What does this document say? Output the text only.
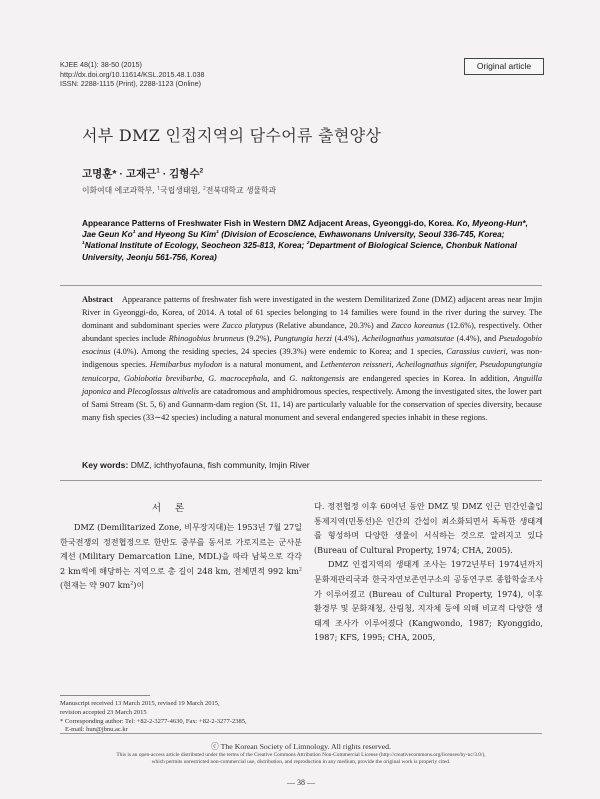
KJEE 48(1): 38-50 (2015)
http://dx.doi.org/10.11614/KSL.2015.48.1.038
ISSN: 2288-1115 (Print), 2288-1123 (Online)
Original article
서부 DMZ 인접지역의 담수어류 출현양상
고명훈* · 고재근$^1$ · 김형수$^2$
이화여대 에코과학부, $^1$국립생태원, $^2$전북대학교 생물학과
Appearance Patterns of Freshwater Fish in Western DMZ Adjacent Areas, Gyeonggi-do, Korea. Ko, Myeong-Hun*, Jae Geun Ko$^1$ and Hyeong Su Kim$^1$ (Division of Ecoscience, Ewhawonans University, Seoul 336-745, Korea; $^1$National Institute of Ecology, Seocheon 325-813, Korea; $^2$Department of Biological Science, Chonbuk National University, Jeonju 561-756, Korea)
Abstract Appearance patterns of freshwater fish were investigated in the western Demilitarized Zone (DMZ) adjacent areas near Imjin River in Gyeonggi-do, Korea, of 2014. A total of 61 species belonging to 14 families were found in the river during the survey. The dominant and subdominant species were Zacco platypus (Relative abundance, 20.3%) and Zacco koreanus (12.6%), respectively. Other abundant species include Rhinogobius brunneus (9.2%), Pungtungia herzi (4.4%), Acheilognathus yamatsutae (4.4%), and Pseudogobio esocinus (4.0%). Among the residing species, 24 species (39.3%) were endemic to Korea; and 1 species, Carassius cuvieri, was non-indigenous species. Hemibarbus mylodon is a natural monument, and Lethenteron reissneri, Acheilognathus signifer, Pseudopungtungia tenuicorpa, Gobiobotia brevibarba, G. macrocephala, and G. naktongensis are endangered species in Korea. In addition, Anguilla japonica and Plecoglossus altivelis are catadromous and amphidromous species, respectively. Among the investigated sites, the lower part of Sami Stream (St. 5, 6) and Gunnarm-dam region (St. 11, 14) are particularly valuable for the conservation of species diversity, because many fish species (33∼42 species) including a natural monument and several endangered species inhabit in these regions.
Key words: DMZ, ichthyofauna, fish community, Imjin River
서론

DMZ (Demilitarized Zone, 비무장지대)는 1953년 7월 27일 한국전쟁의 정전협정으로 한반도 중부를 동서로 가로지르는 군사분계선 (Military Demarcation Line, MDL)을 따라 남북으로 각각 2 km씩에 해당하는 지역으로 총 길이 248 km, 전체면적 992 $km^2$ (현재는 약 907 $km^2$)이

Manuscript received 13 March 2015, revised 19 March 2015,
revision accepted 23 March 2015
* Corresponding author: Tel: +82-2-3277-4630, Fax: +82-2-3277-2385,
E-mail: hun@jbnu.ac.kr

다. 정전협정 이후 60여년 동안 DMZ 및 DMZ 인근 민간인출입통제지역(민통선)은 인간의 간섭이 최소화되면서 독특한 생태계를 형성하며 다양한 생물이 서식하는 것으로 알려지고 있다 (Bureau of Cultural Property, 1974; CHA, 2005).

DMZ 인접지역의 생태계 조사는 1972년부터 1974년까지 문화재관리국과 한국자연보존연구소의 공동연구로 종합학술조사가 이루어졌고 (Bureau of Cultural Property, 1974), 이후 환경부 및 문화재청, 산림청, 지자체 등에 의해 비교적 다양한 생태계 조사가 이루어졌다 (Kangwondo, 1987; Kyonggido, 1987; KFS, 1995; CHA, 2005,

ⓒ The Korean Society of Limnology. All rights reserved.
This is an open-access article distributed under the terms of the Creative Commons Attribution Non-Commercial License (http://creativecommons.org/licenses/by-nc/3.0/),
which permits unrestricted non-commercial use, distribution, and reproduction in any medium, provide the original work is properly cited.
— 38 —
